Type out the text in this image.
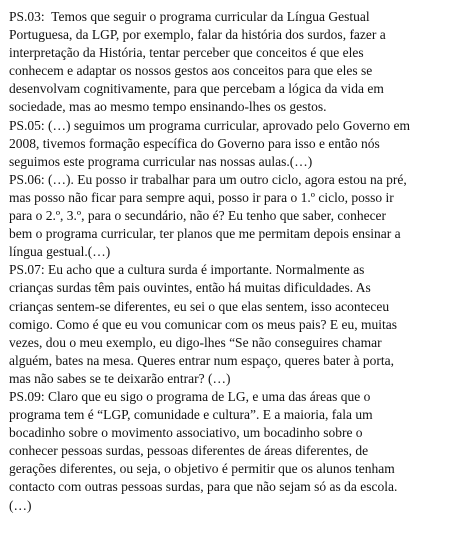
PS.03:  Temos que seguir o programa curricular da Língua Gestual
Portuguesa, da LGP, por exemplo, falar da história dos surdos, fazer a
interpretação da História, tentar perceber que conceitos é que eles
conhecem e adaptar os nossos gestos aos conceitos para que eles se
desenvolvam cognitivamente, para que percebam a lógica da vida em
sociedade, mas ao mesmo tempo ensinando-lhes os gestos.
PS.05: (…) seguimos um programa curricular, aprovado pelo Governo em
2008, tivemos formação específica do Governo para isso e então nós
seguimos este programa curricular nas nossas aulas.(…)
PS.06: (…). Eu posso ir trabalhar para um outro ciclo, agora estou na pré,
mas posso não ficar para sempre aqui, posso ir para o 1.º ciclo, posso ir
para o 2.º, 3.º, para o secundário, não é? Eu tenho que saber, conhecer
bem o programa curricular, ter planos que me permitam depois ensinar a
língua gestual.(…)
PS.07: Eu acho que a cultura surda é importante. Normalmente as
crianças surdas têm pais ouvintes, então há muitas dificuldades. As
crianças sentem-se diferentes, eu sei o que elas sentem, isso aconteceu
comigo. Como é que eu vou comunicar com os meus pais? E eu, muitas
vezes, dou o meu exemplo, eu digo-lhes “Se não conseguires chamar
alguém, bates na mesa. Queres entrar num espaço, queres bater à porta,
mas não sabes se te deixarão entrar? (…)
PS.09: Claro que eu sigo o programa de LG, e uma das áreas que o
programa tem é “LGP, comunidade e cultura”. E a maioria, fala um
bocadinho sobre o movimento associativo, um bocadinho sobre o
conhecer pessoas surdas, pessoas diferentes de áreas diferentes, de
gerações diferentes, ou seja, o objetivo é permitir que os alunos tenham
contacto com outras pessoas surdas, para que não sejam só as da escola.
(…)
